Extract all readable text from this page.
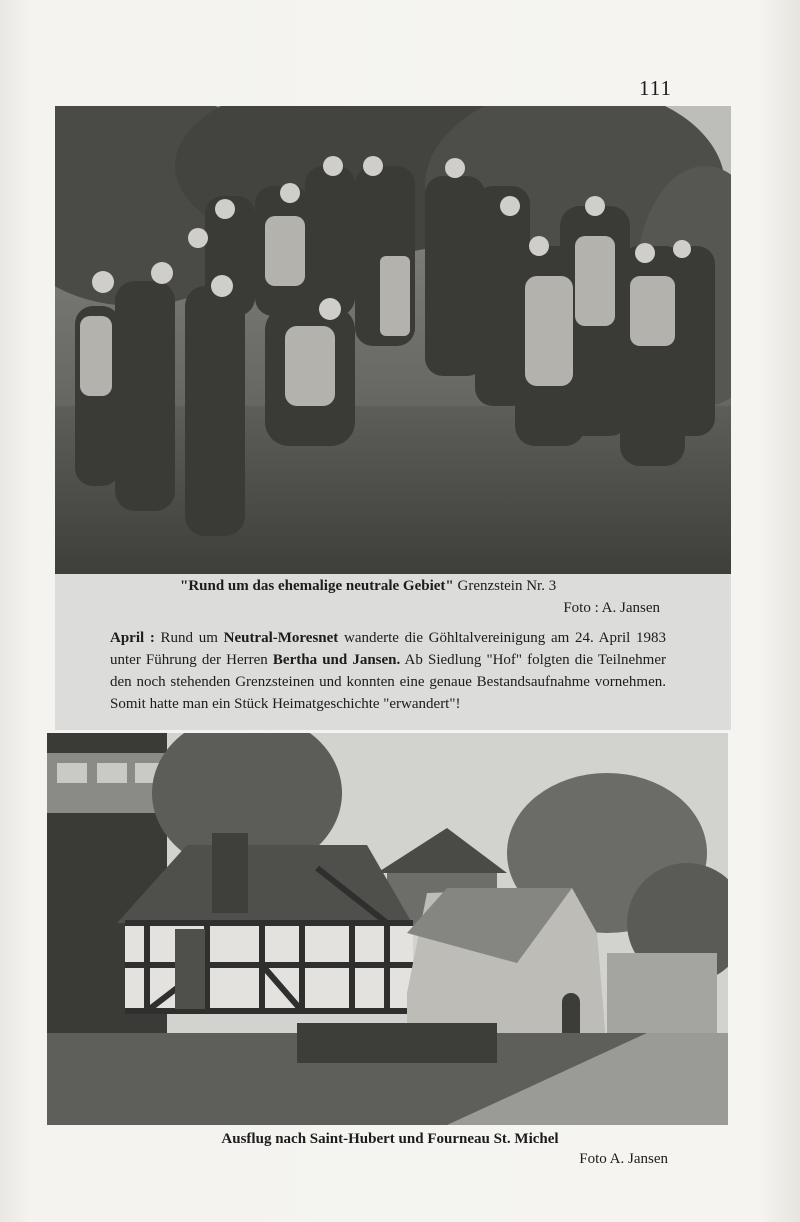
111
"Rund um das ehemalige neutrale Gebiet" Grenzstein Nr. 3
Foto : A. Jansen
April : Rund um Neutral-Moresnet wanderte die Göhltalvereinigung am 24. April 1983 unter Führung der Herren Bertha und Jansen. Ab Siedlung "Hof" folgten die Teilnehmer den noch stehenden Grenzsteinen und konnten eine genaue Bestandsaufnahme vornehmen. Somit hatte man ein Stück Heimatgeschichte "erwandert"!
Ausflug nach Saint-Hubert und Fourneau St. Michel
Foto A. Jansen
